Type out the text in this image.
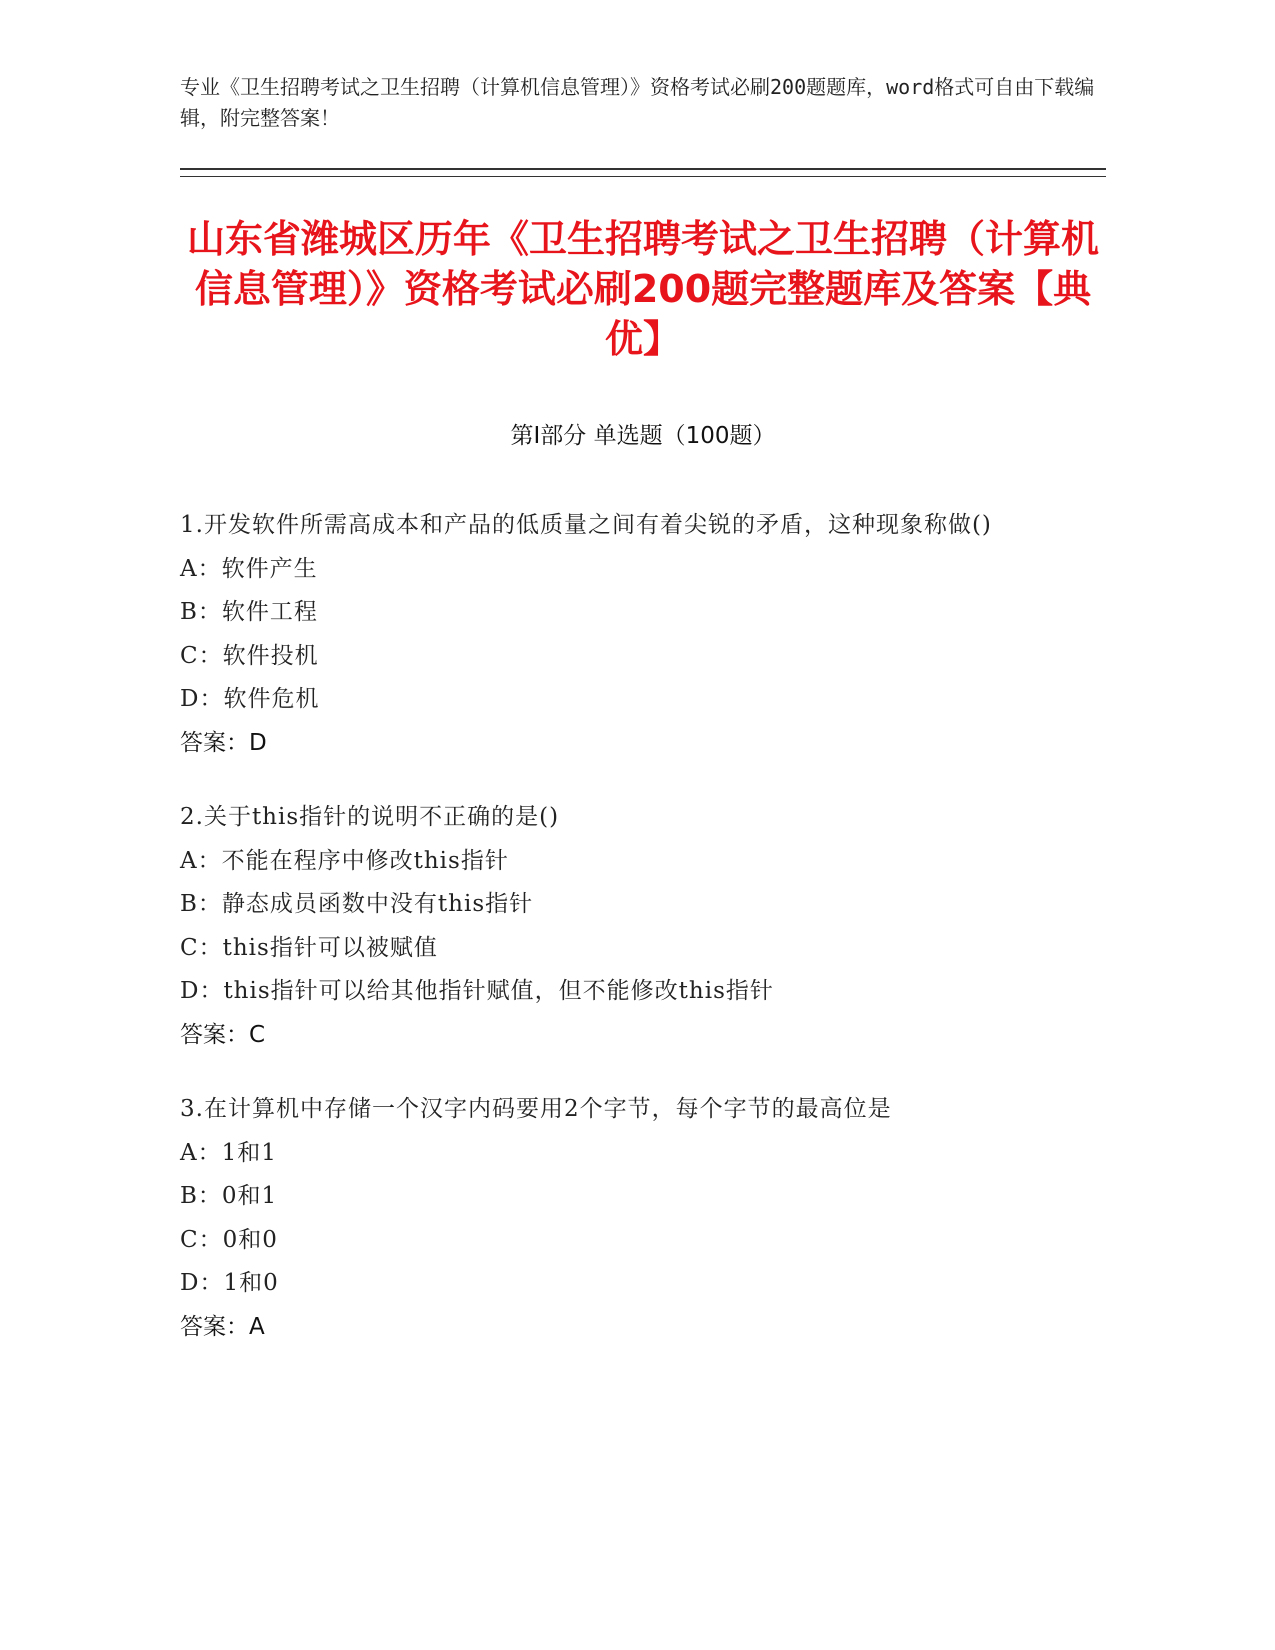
专业《卫生招聘考试之卫生招聘（计算机信息管理）》资格考试必刷200题题库，word格式可自由下载编辑，附完整答案！
山东省潍城区历年《卫生招聘考试之卫生招聘（计算机信息管理）》资格考试必刷200题完整题库及答案【典优】
第I部分 单选题（100题）
1.开发软件所需高成本和产品的低质量之间有着尖锐的矛盾，这种现象称做()
A：软件产生
B：软件工程
C：软件投机
D：软件危机
答案：D
2.关于this指针的说明不正确的是()
A：不能在程序中修改this指针
B：静态成员函数中没有this指针
C：this指针可以被赋值
D：this指针可以给其他指针赋值，但不能修改this指针
答案：C
3.在计算机中存储一个汉字内码要用2个字节，每个字节的最高位是
A：1和1
B：0和1
C：0和0
D：1和0
答案：A
